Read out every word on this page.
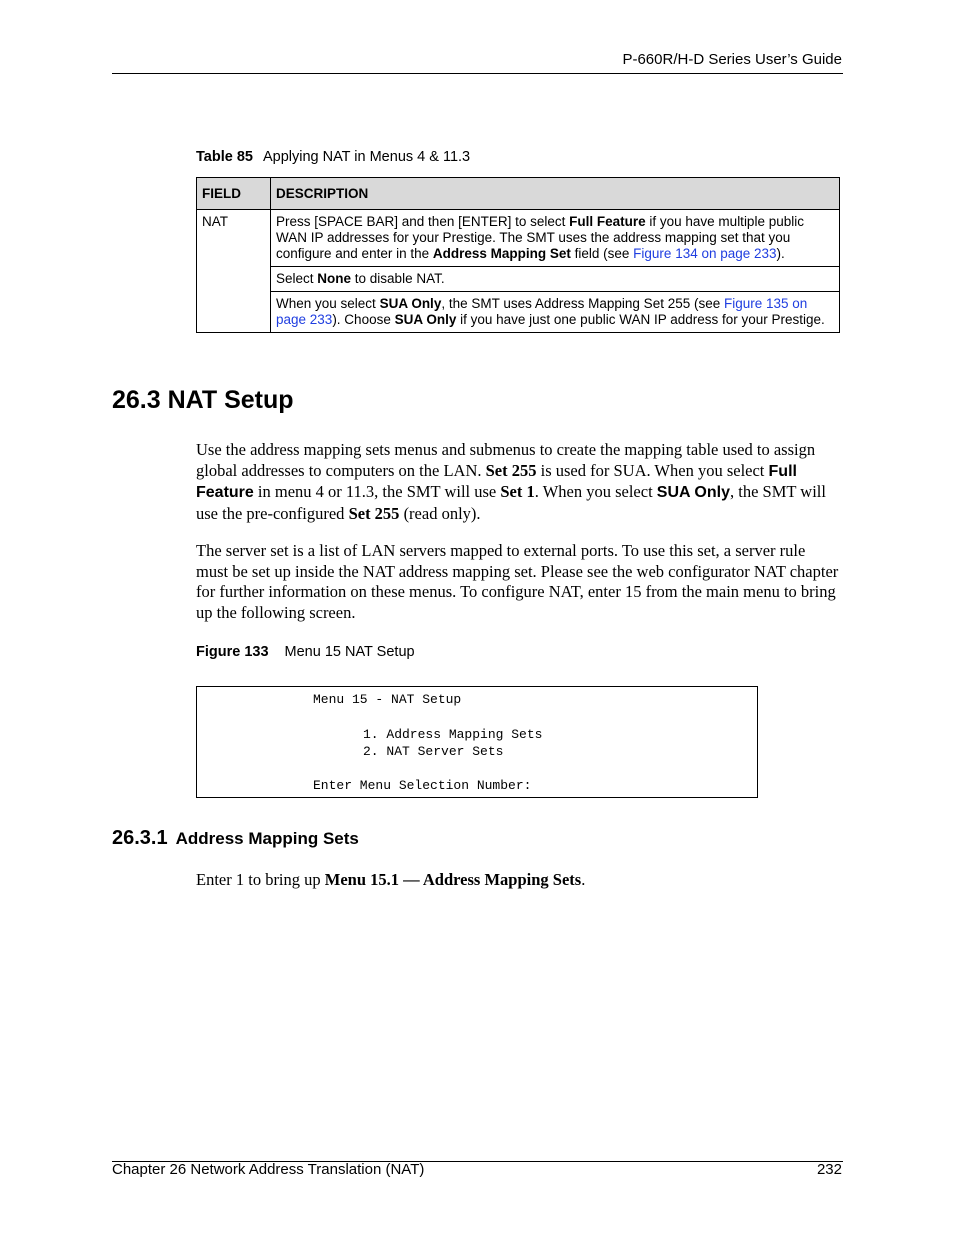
P-660R/H-D Series User’s Guide
Table 85 Applying NAT in Menus 4 & 11.3
FIELD	DESCRIPTION
NAT	Press [SPACE BAR] and then [ENTER] to select Full Feature if you have multiple public WAN IP addresses for your Prestige. The SMT uses the address mapping set that you configure and enter in the Address Mapping Set field (see Figure 134 on page 233).
	Select None to disable NAT.
	When you select SUA Only, the SMT uses Address Mapping Set 255 (see Figure 135 on page 233). Choose SUA Only if you have just one public WAN IP address for your Prestige.
26.3 NAT Setup

Use the address mapping sets menus and submenus to create the mapping table used to assign global addresses to computers on the LAN. Set 255 is used for SUA. When you select Full Feature in menu 4 or 11.3, the SMT will use Set 1. When you select SUA Only, the SMT will use the pre-configured Set 255 (read only).

The server set is a list of LAN servers mapped to external ports. To use this set, a server rule must be set up inside the NAT address mapping set. Please see the web configurator NAT chapter for further information on these menus. To configure NAT, enter 15 from the main menu to bring up the following screen.

Figure 133 Menu 15 NAT Setup
Menu 15 - NAT Setup
1. Address Mapping Sets
2. NAT Server Sets
Enter Menu Selection Number:
26.3.1 Address Mapping Sets

Enter 1 to bring up Menu 15.1 — Address Mapping Sets.

Chapter 26 Network Address Translation (NAT)	232
